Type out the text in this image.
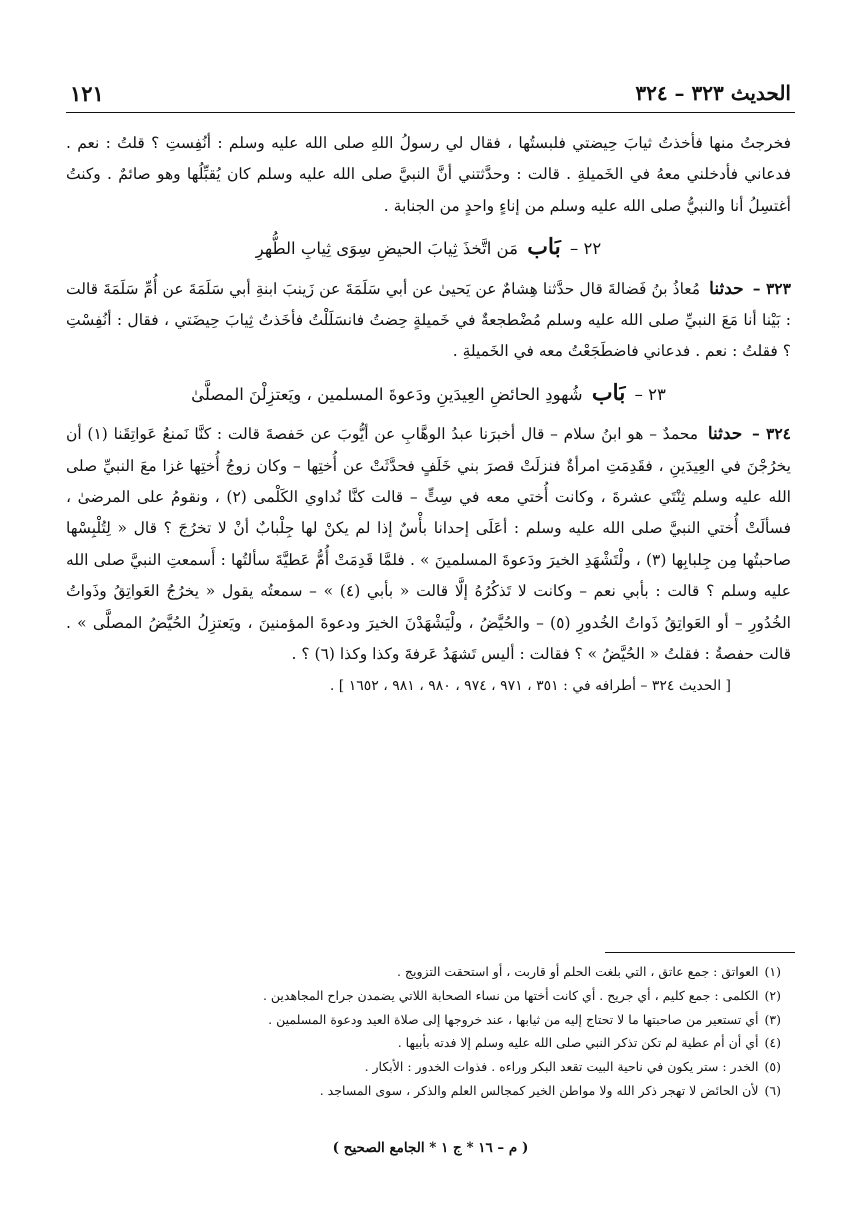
١٢١	الحديث ٣٢٣ – ٣٢٤

فخرجتُ منها فأخذتُ ثيابَ حِيضتي فلبستُها ، فقال لي رسولُ اللهِ صلى الله عليه وسلم : أنُفِستِ ؟ قلتُ : نعم . فدعاني فأدخلني معهُ في الخَميلةِ . قالت : وحدَّثتني أنَّ النبيَّ صلى الله عليه وسلم كان يُقبِّلُها وهو صائمٌ . وكنتُ أغتسِلُ أنا والنبيُّ صلى الله عليه وسلم من إناءٍ واحدٍ من الجنابة .

٢٢ – بَاب مَن اتَّخذَ ثِيابَ الحيضِ سِوَى ثِيابِ الطُّهرِ

٣٢٣ – حدثنا مُعاذُ بنُ فَضالةَ قال حدَّثنا هِشامٌ عن يَحيىٰ عن أبي سَلَمَةَ عن زَينبَ ابنةِ أبي سَلَمَةَ عن أُمِّ سَلَمَةَ قالت : بَيْنا أنا مَعَ النبيِّ صلى الله عليه وسلم مُضْطجعةٌ في خَميلةٍ حِضتُ فانسَلَلْتُ فأخَذتُ ثِيابَ حِيضَتي ، فقال : أنُفِسْتِ ؟ فقلتُ : نعم . فدعاني فاضطَجَعْتُ معه في الخَميلةِ .

٢٣ – بَاب شُهودِ الحائضِ العِيدَينِ ودَعوةَ المسلمين ، ويَعتزِلْنَ المصلَّىٰ

٣٢٤ – حدثنا محمدٌ – هو ابنُ سلام – قال أخبرَنا عبدُ الوهَّابِ عن أيُّوبَ عن حَفصةَ قالت : كنَّا نَمنعُ عَواتِقَنا (١) أن يخرُجْنَ في العِيدَينِ ، فقَدِمَتِ امرأةٌ فنزلَتْ قصرَ بني خَلَفٍ فحدَّثَتْ عن أُختِها – وكان زوجُ أُختِها غزا معَ النبيِّ صلى الله عليه وسلم ثِنْتَي عشرةَ ، وكانت أُختي معه في سِتٍّ – قالت كنَّا نُداوي الكَلْمى (٢) ، ونقومُ على المرضىٰ ، فسألَتْ أُختي النبيَّ صلى الله عليه وسلم : أعَلَى إحدانا بأْسٌ إذا لم يكنْ لها جِلْبابٌ أنْ لا تخرُجَ ؟ قال « لِتُلْبِسْها صاحبتُها مِن جِلبابِها (٣) ، ولْتَشْهَدِ الخيرَ ودَعوةَ المسلمينَ » . فلمَّا قَدِمَتْ أُمُّ عَطيَّةَ سألتُها : أَسمعتِ النبيَّ صلى الله عليه وسلم ؟ قالت : بأبي نعم – وكانت لا تَذكُرُهُ إلَّا قالت « بأبي (٤) » – سمعتُه يقول « يخرُجُ العَواتِقُ وذَواتُ الخُدُورِ – أو العَواتِقُ ذَواتُ الخُدورِ (٥) – والحُيَّضُ ، ولْيَشْهَدْنَ الخيرَ ودعوةَ المؤمنينَ ، ويَعتزِلُ الحُيَّضُ المصلَّى » . قالت حفصةُ : فقلتُ « الحُيَّضُ » ؟ فقالت : أليس تَشهَدُ عَرفةَ وكذا وكذا (٦) ؟ .

[ الحديث ٣٢٤ – أطرافه في : ٣٥١ ، ٩٧١ ، ٩٧٤ ، ٩٨٠ ، ٩٨١ ، ١٦٥٢ ] .

(١)العواتق : جمع عاتق ، التي بلغت الحلم أو قاربت ، أو استحقت التزويج .
(٢)الكلمى : جمع كليم ، أي جريح . أي كانت أختها من نساء الصحابة اللاتي يضمدن جراح المجاهدين .
(٣)أي تستعير من صاحبتها ما لا تحتاج إليه من ثيابها ، عند خروجها إلى صلاة العيد ودعوة المسلمين .
(٤)أي أن أم عطية لم تكن تذكر النبي صلى الله عليه وسلم إلا فدته بأبيها .
(٥)الخدر : ستر يكون في ناحية البيت تقعد البكر وراءه . فذوات الخدور : الأبكار .
(٦)لأن الحائض لا تهجر ذكر الله ولا مواطن الخير كمجالس العلم والذكر ، سوى المساجد .
( م – ١٦ * ج ١ * الجامع الصحيح )
